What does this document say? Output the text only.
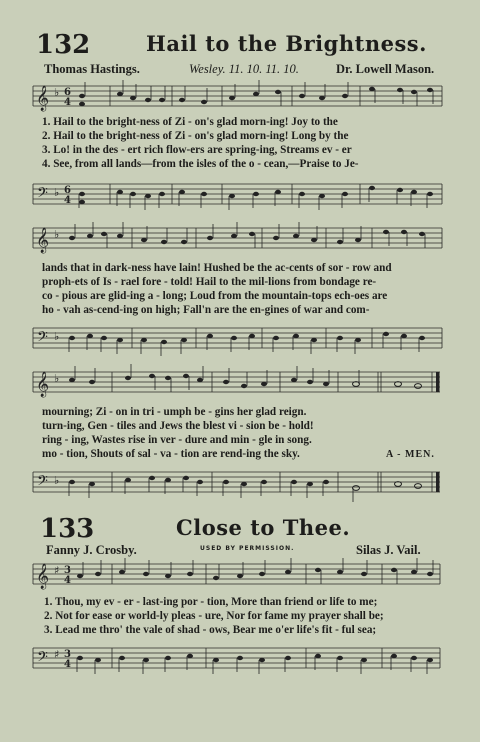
132	Hail to the Brightness.
Thomas Hastings.	Wesley. 11. 10. 11. 10.	Dr. Lowell Mason.
𝄞 ♭ 6
4
1. Hail to the bright-ness of Zi - on's glad morn-ing! Joy to the
2. Hail to the bright-ness of Zi - on's glad morn-ing! Long by the
3. Lo! in the des - ert rich flow-ers are spring-ing, Streams ev - er
4. See, from all lands—from the isles of the o - cean,—Praise to Je-
𝄢 ♭ 6
4
𝄞 ♭
lands that in dark-ness have lain! Hushed be the ac-cents of sor - row and
proph-ets of Is - rael fore - told! Hail to the mil-lions from bondage re-
co - pious are glid-ing a - long; Loud from the mountain-tops ech-oes are
ho - vah as-cend-ing on high; Fall'n are the en-gines of war and com-
𝄢 ♭
𝄞 ♭
mourning; Zi - on in tri - umph be - gins her glad reign.
turn-ing, Gen - tiles and Jews the blest vi - sion be - hold!
ring - ing, Wastes rise in ver - dure and min - gle in song.
mo - tion, Shouts of sal - va - tion are rend-ing the sky.	A - MEN.
𝄢 ♭
133	Close to Thee.
Fanny J. Crosby.	USED BY PERMISSION.	Silas J. Vail.
𝄞 ♯ 3
4
1. Thou, my ev - er - last-ing por - tion, More than friend or life to me;
2. Not for ease or world-ly pleas - ure, Nor for fame my prayer shall be;
3. Lead me thro' the vale of shad - ows, Bear me o'er life's fit - ful sea;
𝄢 ♯ 3
4
